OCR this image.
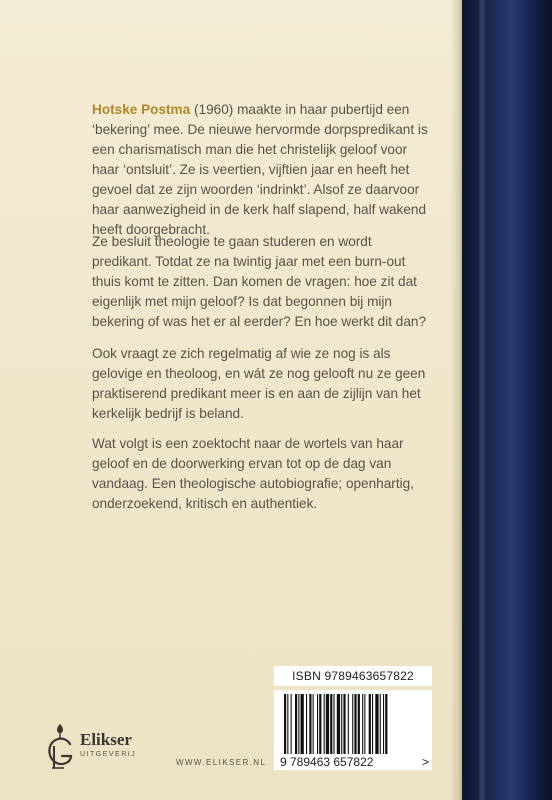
Hotske Postma (1960) maakte in haar pubertijd een ‘bekering’ mee. De nieuwe hervormde dorpspredikant is een charismatisch man die het christelijk geloof voor haar ‘ontsluit’. Ze is veertien, vijftien jaar en heeft het gevoel dat ze zijn woorden ‘indrinkt’. Alsof ze daarvoor haar aanwezigheid in de kerk half slapend, half wakend heeft doorgebracht.

Ze besluit theologie te gaan studeren en wordt predikant. Totdat ze na twintig jaar met een burn-out thuis komt te zitten. Dan komen de vragen: hoe zit dat eigenlijk met mijn geloof? Is dat begonnen bij mijn bekering of was het er al eerder? En hoe werkt dit dan?

Ook vraagt ze zich regelmatig af wie ze nog is als gelovige en theoloog, en wát ze nog gelooft nu ze geen praktiserend predikant meer is en aan de zijlijn van het kerkelijk bedrijf is beland.

Wat volgt is een zoektocht naar de wortels van haar geloof en de doorwerking ervan tot op de dag van vandaag. Een theologische autobiografie; openhartig, onderzoekend, kritisch en authentiek.

ISBN 9789463657822
9 789463 657822	>
Elikser
UITGEVERIJ
WWW.ELIKSER.NL
